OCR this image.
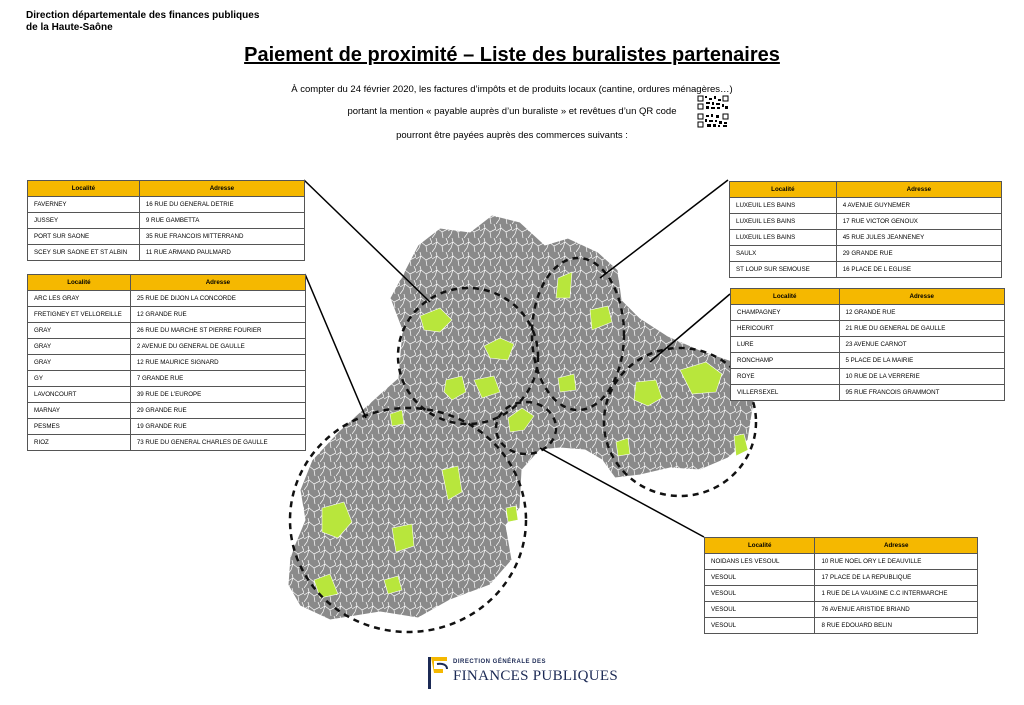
Direction départementale des finances publiques
de la Haute-Saône
Paiement de proximité – Liste des buralistes partenaires
À compter du 24 février 2020, les factures d’impôts et de produits locaux (cantine, ordures ménagères…)
portant la mention « payable auprès d’un buraliste » et revêtues d’un QR code
pourront être payées auprès des commerces suivants :
Localité	Adresse
FAVERNEY	16 RUE DU GENERAL DETRIE
JUSSEY	9 RUE GAMBETTA
PORT SUR SAONE	35 RUE FRANCOIS MITTERRAND
SCEY SUR SAONE ET ST ALBIN	11 RUE ARMAND PAULMARD
Localité	Adresse
ARC LES GRAY	25 RUE DE DIJON LA CONCORDE
FRETIGNEY ET VELLOREILLE	12 GRANDE RUE
GRAY	26 RUE DU MARCHE ST PIERRE FOURIER
GRAY	2 AVENUE DU GENERAL DE GAULLE
GRAY	12 RUE MAURICE SIGNARD
GY	7 GRANDE RUE
LAVONCOURT	39 RUE DE L'EUROPE
MARNAY	29 GRANDE RUE
PESMES	19 GRANDE RUE
RIOZ	73 RUE DU GENERAL CHARLES DE GAULLE
Localité	Adresse
LUXEUIL LES BAINS	4 AVENUE GUYNEMER
LUXEUIL LES BAINS	17 RUE VICTOR GENOUX
LUXEUIL LES BAINS	45 RUE JULES JEANNENEY
SAULX	29 GRANDE RUE
ST LOUP SUR SEMOUSE	16 PLACE DE L EGLISE
Localité	Adresse
CHAMPAGNEY	12 GRANDE RUE
HERICOURT	21 RUE DU GENERAL DE GAULLE
LURE	23 AVENUE CARNOT
RONCHAMP	5 PLACE DE LA MAIRIE
ROYE	10 RUE DE LA VERRERIE
VILLERSEXEL	95 RUE FRANCOIS GRAMMONT
Localité	Adresse
NOIDANS LES VESOUL	10 RUE NOEL ORY LE DEAUVILLE
VESOUL	17 PLACE DE LA REPUBLIQUE
VESOUL	1 RUE DE LA VAUGINE C.C INTERMARCHE
VESOUL	76 AVENUE ARISTIDE BRIAND
VESOUL	8 RUE EDOUARD BELIN
DIRECTION GÉNÉRALE DES
FINANCES PUBLIQUES
